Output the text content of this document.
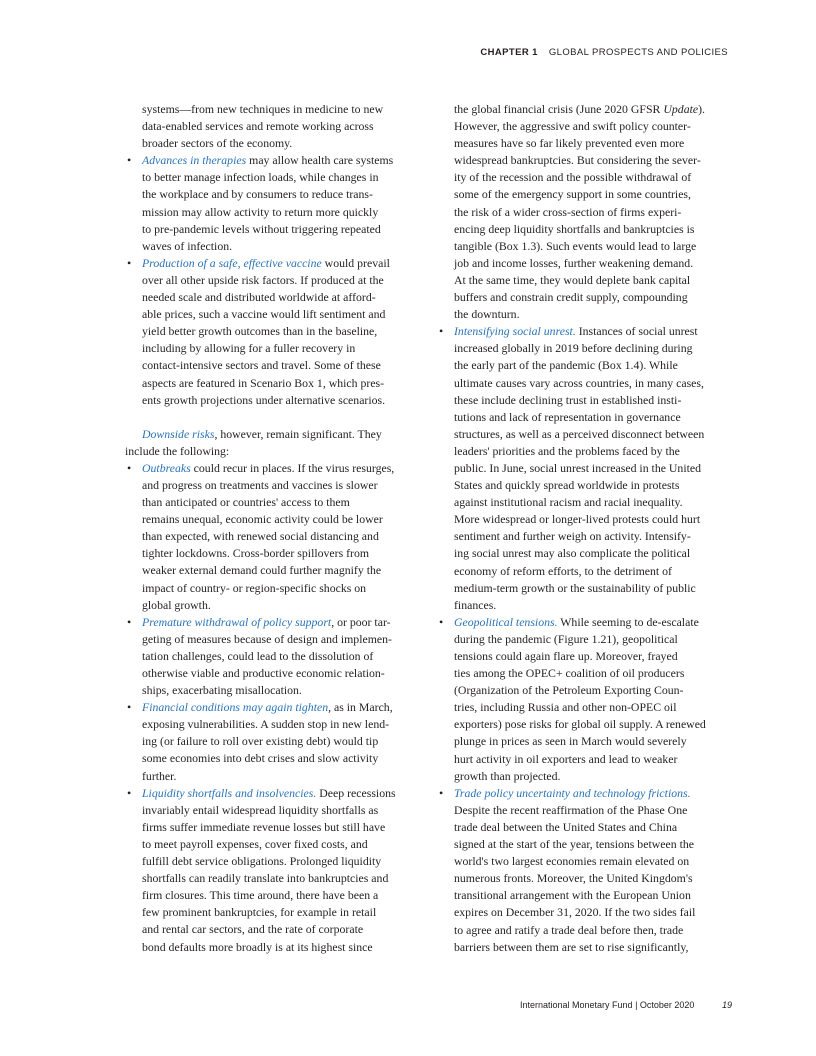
CHAPTER 1 GLOBAL PROSPECTS AND POLICIES

systems—from new techniques in medicine to new

data-enabled services and remote working across

broader sectors of the economy.

• Advances in therapies may allow health care systems

to better manage infection loads, while changes in

the workplace and by consumers to reduce trans-

mission may allow activity to return more quickly

to pre-pandemic levels without triggering repeated

waves of infection.

• Production of a safe, effective vaccine would prevail

over all other upside risk factors. If produced at the

needed scale and distributed worldwide at afford-

able prices, such a vaccine would lift sentiment and

yield better growth outcomes than in the baseline,

including by allowing for a fuller recovery in

contact-intensive sectors and travel. Some of these

aspects are featured in Scenario Box 1, which pres-

ents growth projections under alternative scenarios.

Downside risks, however, remain significant. They

include the following:

• Outbreaks could recur in places. If the virus resurges,

and progress on treatments and vaccines is slower

than anticipated or countries' access to them

remains unequal, economic activity could be lower

than expected, with renewed social distancing and

tighter lockdowns. Cross-border spillovers from

weaker external demand could further magnify the

impact of country- or region-specific shocks on

global growth.

• Premature withdrawal of policy support, or poor tar-

geting of measures because of design and implemen-

tation challenges, could lead to the dissolution of

otherwise viable and productive economic relation-

ships, exacerbating misallocation.

• Financial conditions may again tighten, as in March,

exposing vulnerabilities. A sudden stop in new lend-

ing (or failure to roll over existing debt) would tip

some economies into debt crises and slow activity

further.

• Liquidity shortfalls and insolvencies. Deep recessions

invariably entail widespread liquidity shortfalls as

firms suffer immediate revenue losses but still have

to meet payroll expenses, cover fixed costs, and

fulfill debt service obligations. Prolonged liquidity

shortfalls can readily translate into bankruptcies and

firm closures. This time around, there have been a

few prominent bankruptcies, for example in retail

and rental car sectors, and the rate of corporate

bond defaults more broadly is at its highest since

the global financial crisis (June 2020 GFSR Update).

However, the aggressive and swift policy counter-

measures have so far likely prevented even more

widespread bankruptcies. But considering the sever-

ity of the recession and the possible withdrawal of

some of the emergency support in some countries,

the risk of a wider cross-section of firms experi-

encing deep liquidity shortfalls and bankruptcies is

tangible (Box 1.3). Such events would lead to large

job and income losses, further weakening demand.

At the same time, they would deplete bank capital

buffers and constrain credit supply, compounding

the downturn.

• Intensifying social unrest. Instances of social unrest

increased globally in 2019 before declining during

the early part of the pandemic (Box 1.4). While

ultimate causes vary across countries, in many cases,

these include declining trust in established insti-

tutions and lack of representation in governance

structures, as well as a perceived disconnect between

leaders' priorities and the problems faced by the

public. In June, social unrest increased in the United

States and quickly spread worldwide in protests

against institutional racism and racial inequality.

More widespread or longer-lived protests could hurt

sentiment and further weigh on activity. Intensify-

ing social unrest may also complicate the political

economy of reform efforts, to the detriment of

medium-term growth or the sustainability of public

finances.

• Geopolitical tensions. While seeming to de-escalate

during the pandemic (Figure 1.21), geopolitical

tensions could again flare up. Moreover, frayed

ties among the OPEC+ coalition of oil producers

(Organization of the Petroleum Exporting Coun-

tries, including Russia and other non-OPEC oil

exporters) pose risks for global oil supply. A renewed

plunge in prices as seen in March would severely

hurt activity in oil exporters and lead to weaker

growth than projected.

• Trade policy uncertainty and technology frictions.

Despite the recent reaffirmation of the Phase One

trade deal between the United States and China

signed at the start of the year, tensions between the

world's two largest economies remain elevated on

numerous fronts. Moreover, the United Kingdom's

transitional arrangement with the European Union

expires on December 31, 2020. If the two sides fail

to agree and ratify a trade deal before then, trade

barriers between them are set to rise significantly,

International Monetary Fund | October 2020	19
